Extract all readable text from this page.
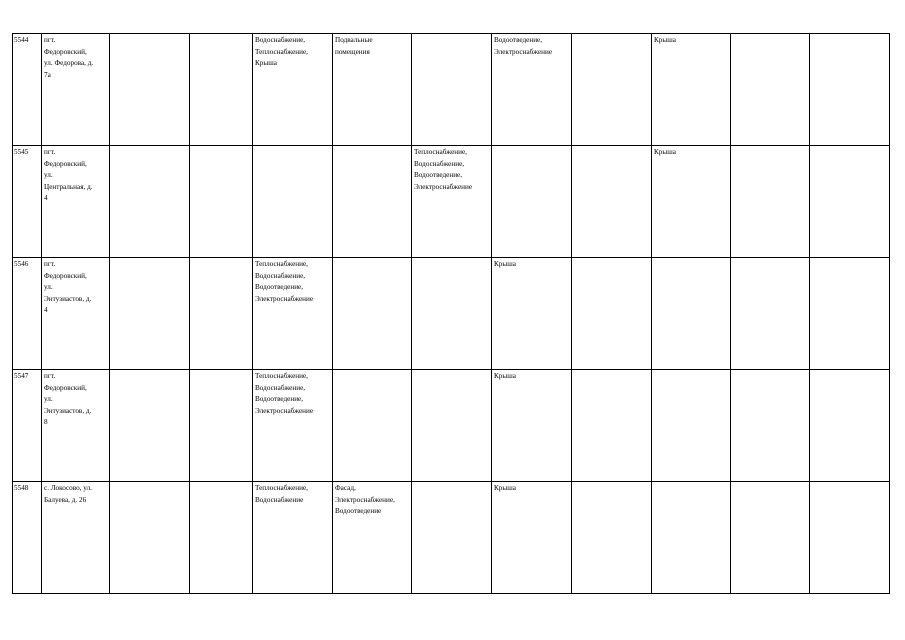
5544	пгт.
Федоровский,
ул. Федорова, д.
7а			Водоснабжение,
Теплоснабжение,
Крыша	Подвальные
помещения		Водоотведение,
Электроснабжение		Крыша		
5545	пгт.
Федоровский,
ул.
Центральная, д.
4					Теплоснабжение,
Водоснабжение,
Водоотведение,
Электроснабжение			Крыша		
5546	пгт.
Федоровский,
ул.
Энтузиастов, д.
4			Теплоснабжение,
Водоснабжение,
Водоотведение,
Электроснабжение			Крыша				
5547	пгт.
Федоровский,
ул.
Энтузиастов, д.
8			Теплоснабжение,
Водоснабжение,
Водоотведение,
Электроснабжение			Крыша				
5548	с. Локосово, ул.
Балуева, д. 26			Теплоснабжение,
Водоснабжение	Фасад,
Электроснабжение,
Водоотведение		Крыша				
